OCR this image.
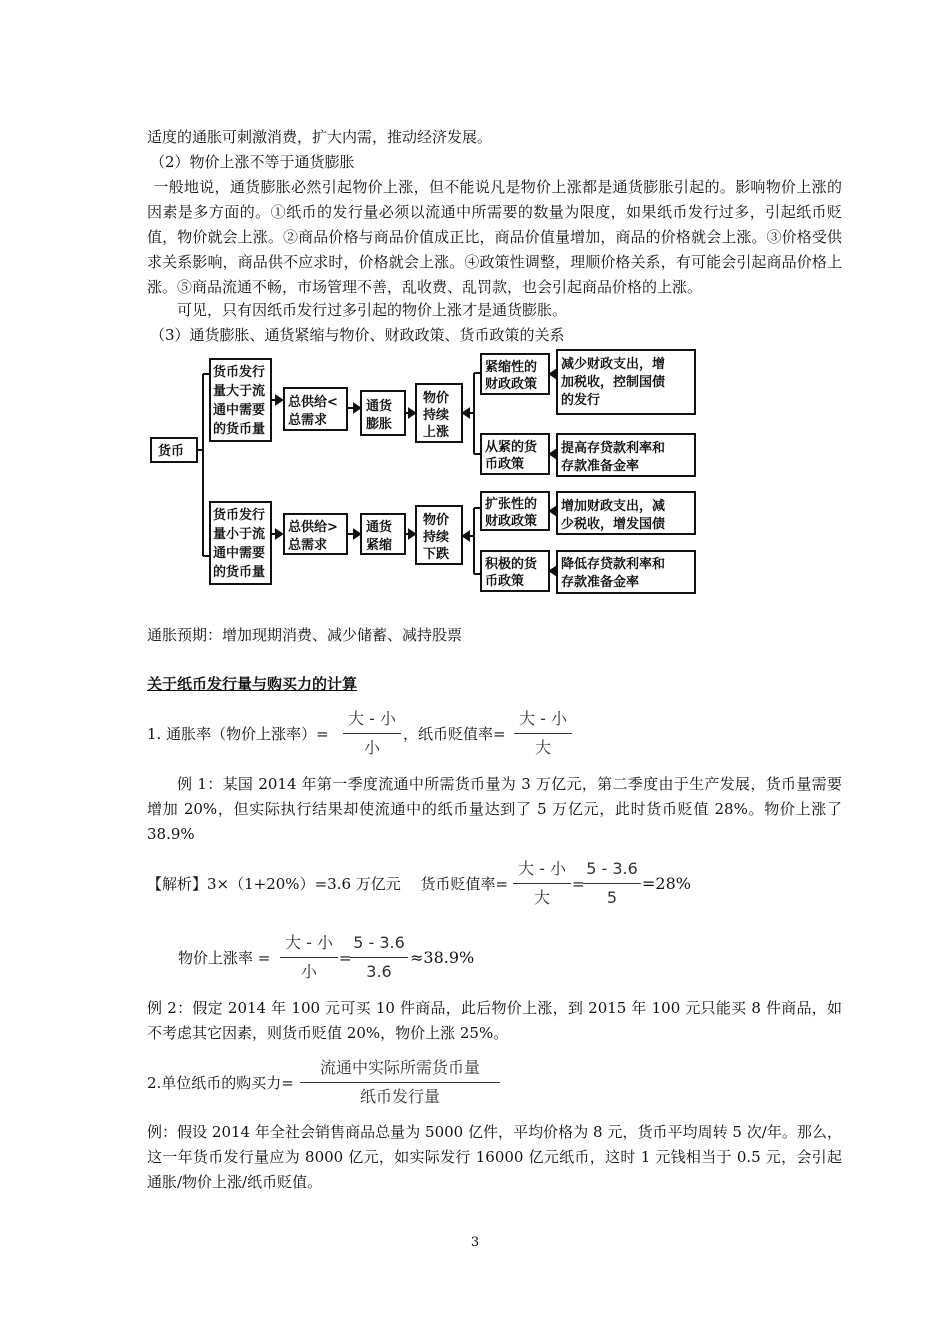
适度的通胀可刺激消费，扩大内需，推动经济发展。
（2）物价上涨不等于通货膨胀
一般地说，通货膨胀必然引起物价上涨，但不能说凡是物价上涨都是通货膨胀引起的。影响物价上涨的因素是多方面的。①纸币的发行量必须以流通中所需要的数量为限度，如果纸币发行过多，引起纸币贬值，物价就会上涨。②商品价格与商品价值成正比，商品价值量增加，商品的价格就会上涨。③价格受供求关系影响，商品供不应求时，价格就会上涨。④政策性调整，理顺价格关系，有可能会引起商品价格上涨。⑤商品流通不畅，市场管理不善，乱收费、乱罚款，也会引起商品价格的上涨。
可见，只有因纸币发行过多引起的物价上涨才是通货膨胀。
（3）通货膨胀、通货紧缩与物价、财政政策、货币政策的关系
货币
货币发行
量大于流
通中需要
的货币量
总供给<
总需求
通货
膨胀
物价
持续
上涨
紧缩性的
财政政策
减少财政支出，增
加税收，控制国债
的发行
从紧的货
币政策
提高存贷款利率和
存款准备金率
货币发行
量小于流
通中需要
的货币量
总供给>
总需求
通货
紧缩
物价
持续
下跌
扩张性的
财政政策
增加财政支出，减
少税收，增发国债
积极的货
币政策
降低存贷款利率和
存款准备金率
通胀预期：增加现期消费、减少储蓄、减持股票
关于纸币发行量与购买力的计算
1. 通胀率（物价上涨率）=
大 - 小
小
，纸币贬值率=
大 - 小
大
例 1：某国 2014 年第一季度流通中所需货币量为 3 万亿元，第二季度由于生产发展，货币量需要增加 20%，但实际执行结果却使流通中的纸币量达到了 5 万亿元，此时货币贬值 28%。物价上涨了 38.9%
【解析】3×（1+20%）=3.6 万亿元　 货币贬值率=
大 - 小
大
=
5 - 3.6
5
=28%
物价上涨率 =
大 - 小
小
=
5 - 3.6
3.6
≈38.9%
例 2：假定 2014 年 100 元可买 10 件商品，此后物价上涨，到 2015 年 100 元只能买 8 件商品，如不考虑其它因素，则货币贬值 20%，物价上涨 25%。
2.单位纸币的购买力=
流通中实际所需货币量
纸币发行量
例：假设 2014 年全社会销售商品总量为 5000 亿件，平均价格为 8 元，货币平均周转 5 次/年。那么，这一年货币发行量应为 8000 亿元，如实际发行 16000 亿元纸币，这时 1 元钱相当于 0.5 元，会引起通胀/物价上涨/纸币贬值。
3
